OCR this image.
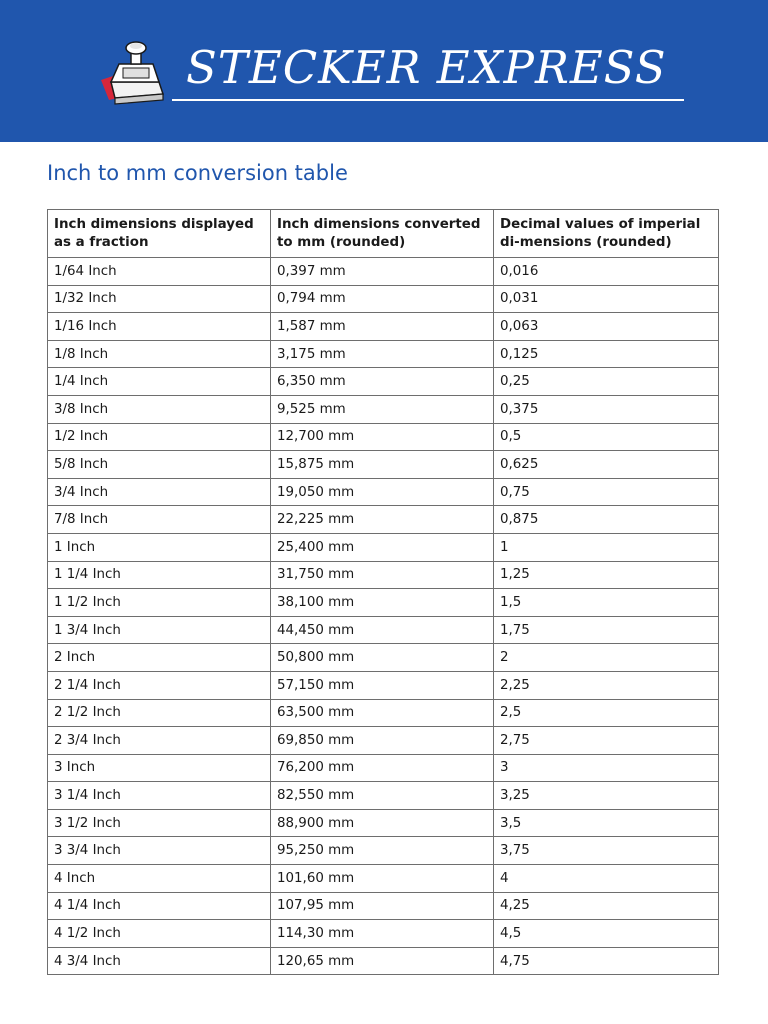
STECKER EXPRESS
Inch to mm conversion table
Inch dimensions displayed as a fraction	Inch dimensions converted to mm (rounded)	Decimal values of imperial di-mensions (rounded)
1/64 Inch	0,397 mm	0,016
1/32 Inch	0,794 mm	0,031
1/16 Inch	1,587 mm	0,063
1/8 Inch	3,175 mm	0,125
1/4 Inch	6,350 mm	0,25
3/8 Inch	9,525 mm	0,375
1/2 Inch	12,700 mm	0,5
5/8 Inch	15,875 mm	0,625
3/4 Inch	19,050 mm	0,75
7/8 Inch	22,225 mm	0,875
1 Inch	25,400 mm	1
1 1/4 Inch	31,750 mm	1,25
1 1/2 Inch	38,100 mm	1,5
1 3/4 Inch	44,450 mm	1,75
2 Inch	50,800 mm	2
2 1/4 Inch	57,150 mm	2,25
2 1/2 Inch	63,500 mm	2,5
2 3/4 Inch	69,850 mm	2,75
3 Inch	76,200 mm	3
3 1/4 Inch	82,550 mm	3,25
3 1/2 Inch	88,900 mm	3,5
3 3/4 Inch	95,250 mm	3,75
4 Inch	101,60 mm	4
4 1/4 Inch	107,95 mm	4,25
4 1/2 Inch	114,30 mm	4,5
4 3/4 Inch	120,65 mm	4,75
